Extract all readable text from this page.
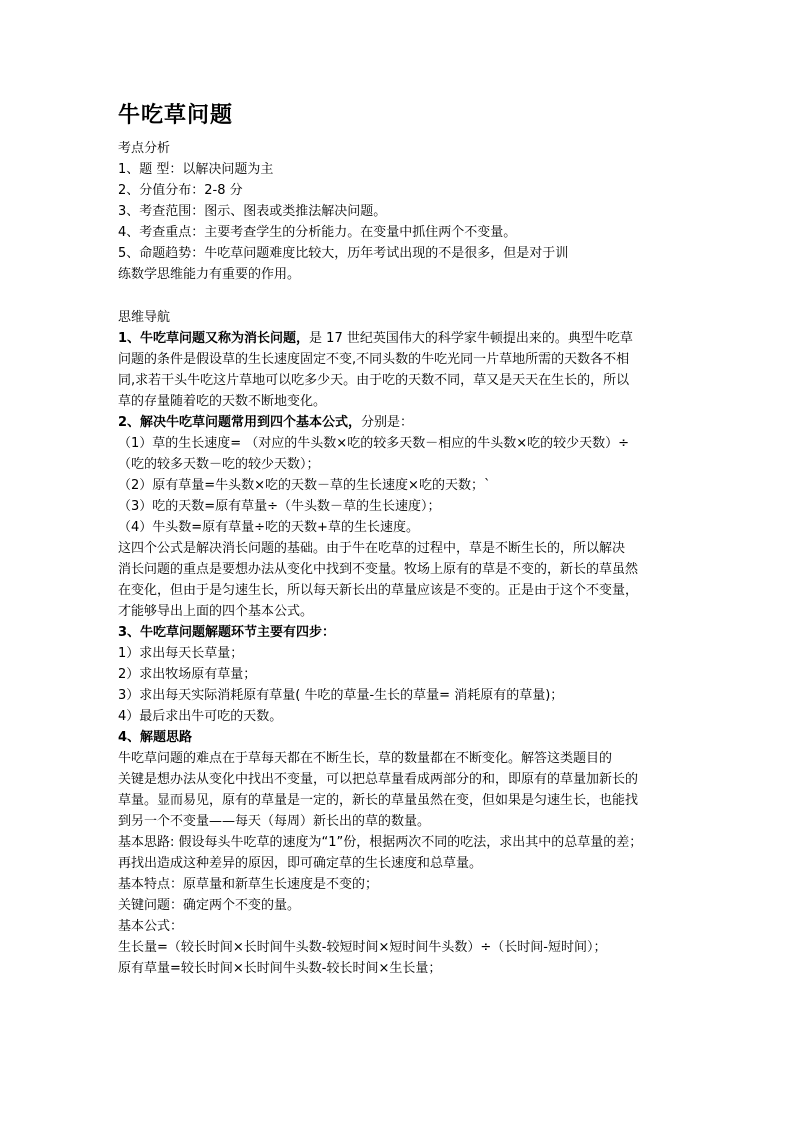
牛吃草问题
考点分析
1、题 型：以解决问题为主
2、分值分布：2-8 分
3、考查范围：图示、图表或类推法解决问题。
4、考查重点：主要考查学生的分析能力。在变量中抓住两个不变量。
5、命题趋势：牛吃草问题难度比较大，历年考试出现的不是很多，但是对于训
练数学思维能力有重要的作用。
思维导航
1、牛吃草问题又称为消长问题，是 17 世纪英国伟大的科学家牛顿提出来的。典型牛吃草
问题的条件是假设草的生长速度固定不变,不同头数的牛吃光同一片草地所需的天数各不相
同,求若干头牛吃这片草地可以吃多少天。由于吃的天数不同，草又是天天在生长的，所以
草的存量随着吃的天数不断地变化。
2、解决牛吃草问题常用到四个基本公式，分别是：
（1）草的生长速度= （对应的牛头数×吃的较多天数－相应的牛头数×吃的较少天数）÷
（吃的较多天数－吃的较少天数）；
（2）原有草量=牛头数×吃的天数－草的生长速度×吃的天数；ˋ
（3）吃的天数=原有草量÷（牛头数－草的生长速度）；
（4）牛头数=原有草量÷吃的天数+草的生长速度。
这四个公式是解决消长问题的基础。由于牛在吃草的过程中，草是不断生长的，所以解决
消长问题的重点是要想办法从变化中找到不变量。牧场上原有的草是不变的，新长的草虽然
在变化，但由于是匀速生长，所以每天新长出的草量应该是不变的。正是由于这个不变量，
才能够导出上面的四个基本公式。
3、牛吃草问题解题环节主要有四步：
1）求出每天长草量；
2）求出牧场原有草量；
3）求出每天实际消耗原有草量( 牛吃的草量-生长的草量= 消耗原有的草量)；
4）最后求出牛可吃的天数。
4、解题思路
牛吃草问题的难点在于草每天都在不断生长，草的数量都在不断变化。解答这类题目的
关键是想办法从变化中找出不变量，可以把总草量看成两部分的和，即原有的草量加新长的
草量。显而易见，原有的草量是一定的，新长的草量虽然在变，但如果是匀速生长，也能找
到另一个不变量——每天（每周）新长出的草的数量。
基本思路: 假设每头牛吃草的速度为“1”份，根据两次不同的吃法，求出其中的总草量的差；
再找出造成这种差异的原因，即可确定草的生长速度和总草量。
基本特点：原草量和新草生长速度是不变的；
关键问题：确定两个不变的量。
基本公式：
生长量=（较长时间×长时间牛头数-较短时间×短时间牛头数）÷（长时间-短时间）；
原有草量=较长时间×长时间牛头数-较长时间×生长量；
